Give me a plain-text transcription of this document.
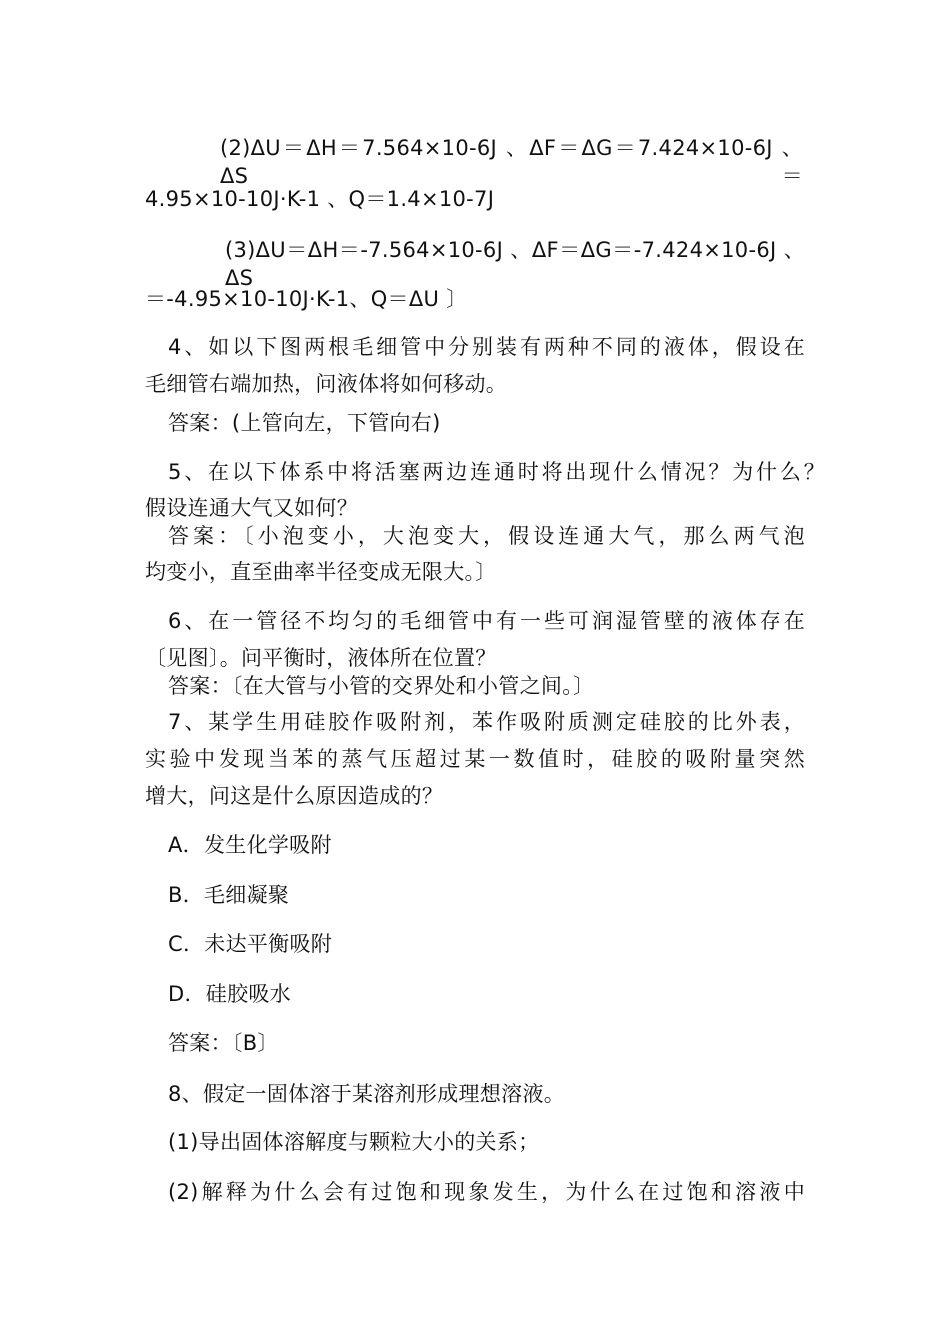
(2)ΔU＝ΔH＝7.564×10-6J 、ΔF＝ΔG＝7.424×10-6J 、ΔS＝
4.95×10-10J·K-1 、Q＝1.4×10-7J
(3)ΔU＝ΔH＝-7.564×10-6J 、ΔF＝ΔG＝-7.424×10-6J 、 ΔS
＝-4.95×10-10J·K-1、Q＝ΔU 〕
4、如以下图两根毛细管中分别装有两种不同的液体，假设在
毛细管右端加热，问液体将如何移动。
答案：(上管向左，下管向右)
5、在以下体系中将活塞两边连通时将出现什么情况？为什么？
假设连通大气又如何？
答案：〔小泡变小，大泡变大，假设连通大气，那么两气泡
均变小，直至曲率半径变成无限大。〕
6、在一管径不均匀的毛细管中有一些可润湿管壁的液体存在
〔见图〕。问平衡时，液体所在位置？
答案：〔在大管与小管的交界处和小管之间。〕
7、某学生用硅胶作吸附剂，苯作吸附质测定硅胶的比外表，
实验中发现当苯的蒸气压超过某一数值时，硅胶的吸附量突然
增大，问这是什么原因造成的？
A．发生化学吸附
B．毛细凝聚
C．未达平衡吸附
D．硅胶吸水
答案：〔B〕
8、假定一固体溶于某溶剂形成理想溶液。
(1)导出固体溶解度与颗粒大小的关系；
(2)解释为什么会有过饱和现象发生，为什么在过饱和溶液中
